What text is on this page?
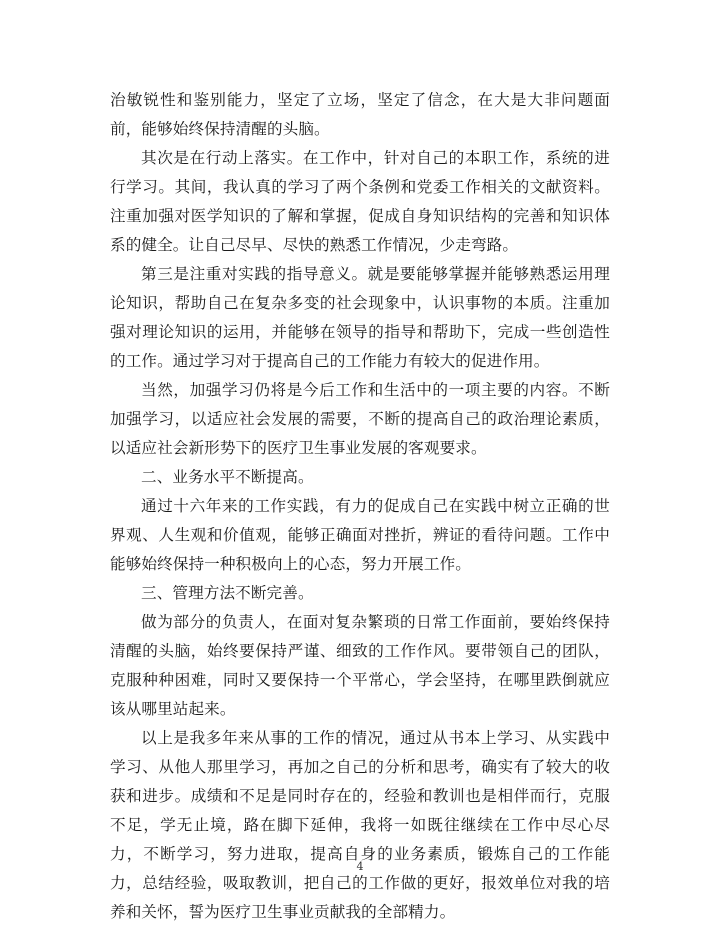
治敏锐性和鉴别能力，坚定了立场，坚定了信念，在大是大非问题面前，能够始终保持清醒的头脑。

其次是在行动上落实。在工作中，针对自己的本职工作，系统的进行学习。其间，我认真的学习了两个条例和党委工作相关的文献资料。注重加强对医学知识的了解和掌握，促成自身知识结构的完善和知识体系的健全。让自己尽早、尽快的熟悉工作情况，少走弯路。

第三是注重对实践的指导意义。就是要能够掌握并能够熟悉运用理论知识，帮助自己在复杂多变的社会现象中，认识事物的本质。注重加强对理论知识的运用，并能够在领导的指导和帮助下，完成一些创造性的工作。通过学习对于提高自己的工作能力有较大的促进作用。

当然，加强学习仍将是今后工作和生活中的一项主要的内容。不断加强学习，以适应社会发展的需要，不断的提高自己的政治理论素质，以适应社会新形势下的医疗卫生事业发展的客观要求。

二、业务水平不断提高。

通过十六年来的工作实践，有力的促成自己在实践中树立正确的世界观、人生观和价值观，能够正确面对挫折，辨证的看待问题。工作中能够始终保持一种积极向上的心态，努力开展工作。

三、管理方法不断完善。

做为部分的负责人，在面对复杂繁琐的日常工作面前，要始终保持清醒的头脑，始终要保持严谨、细致的工作作风。要带领自己的团队，克服种种困难，同时又要保持一个平常心，学会坚持，在哪里跌倒就应该从哪里站起来。

以上是我多年来从事的工作的情况，通过从书本上学习、从实践中学习、从他人那里学习，再加之自己的分析和思考，确实有了较大的收获和进步。成绩和不足是同时存在的，经验和教训也是相伴而行，克服不足，学无止境，路在脚下延伸，我将一如既往继续在工作中尽心尽力，不断学习，努力进取，提高自身的业务素质，锻炼自己的工作能力，总结经验，吸取教训，把自己的工作做的更好，报效单位对我的培养和关怀，誓为医疗卫生事业贡献我的全部精力。

4
